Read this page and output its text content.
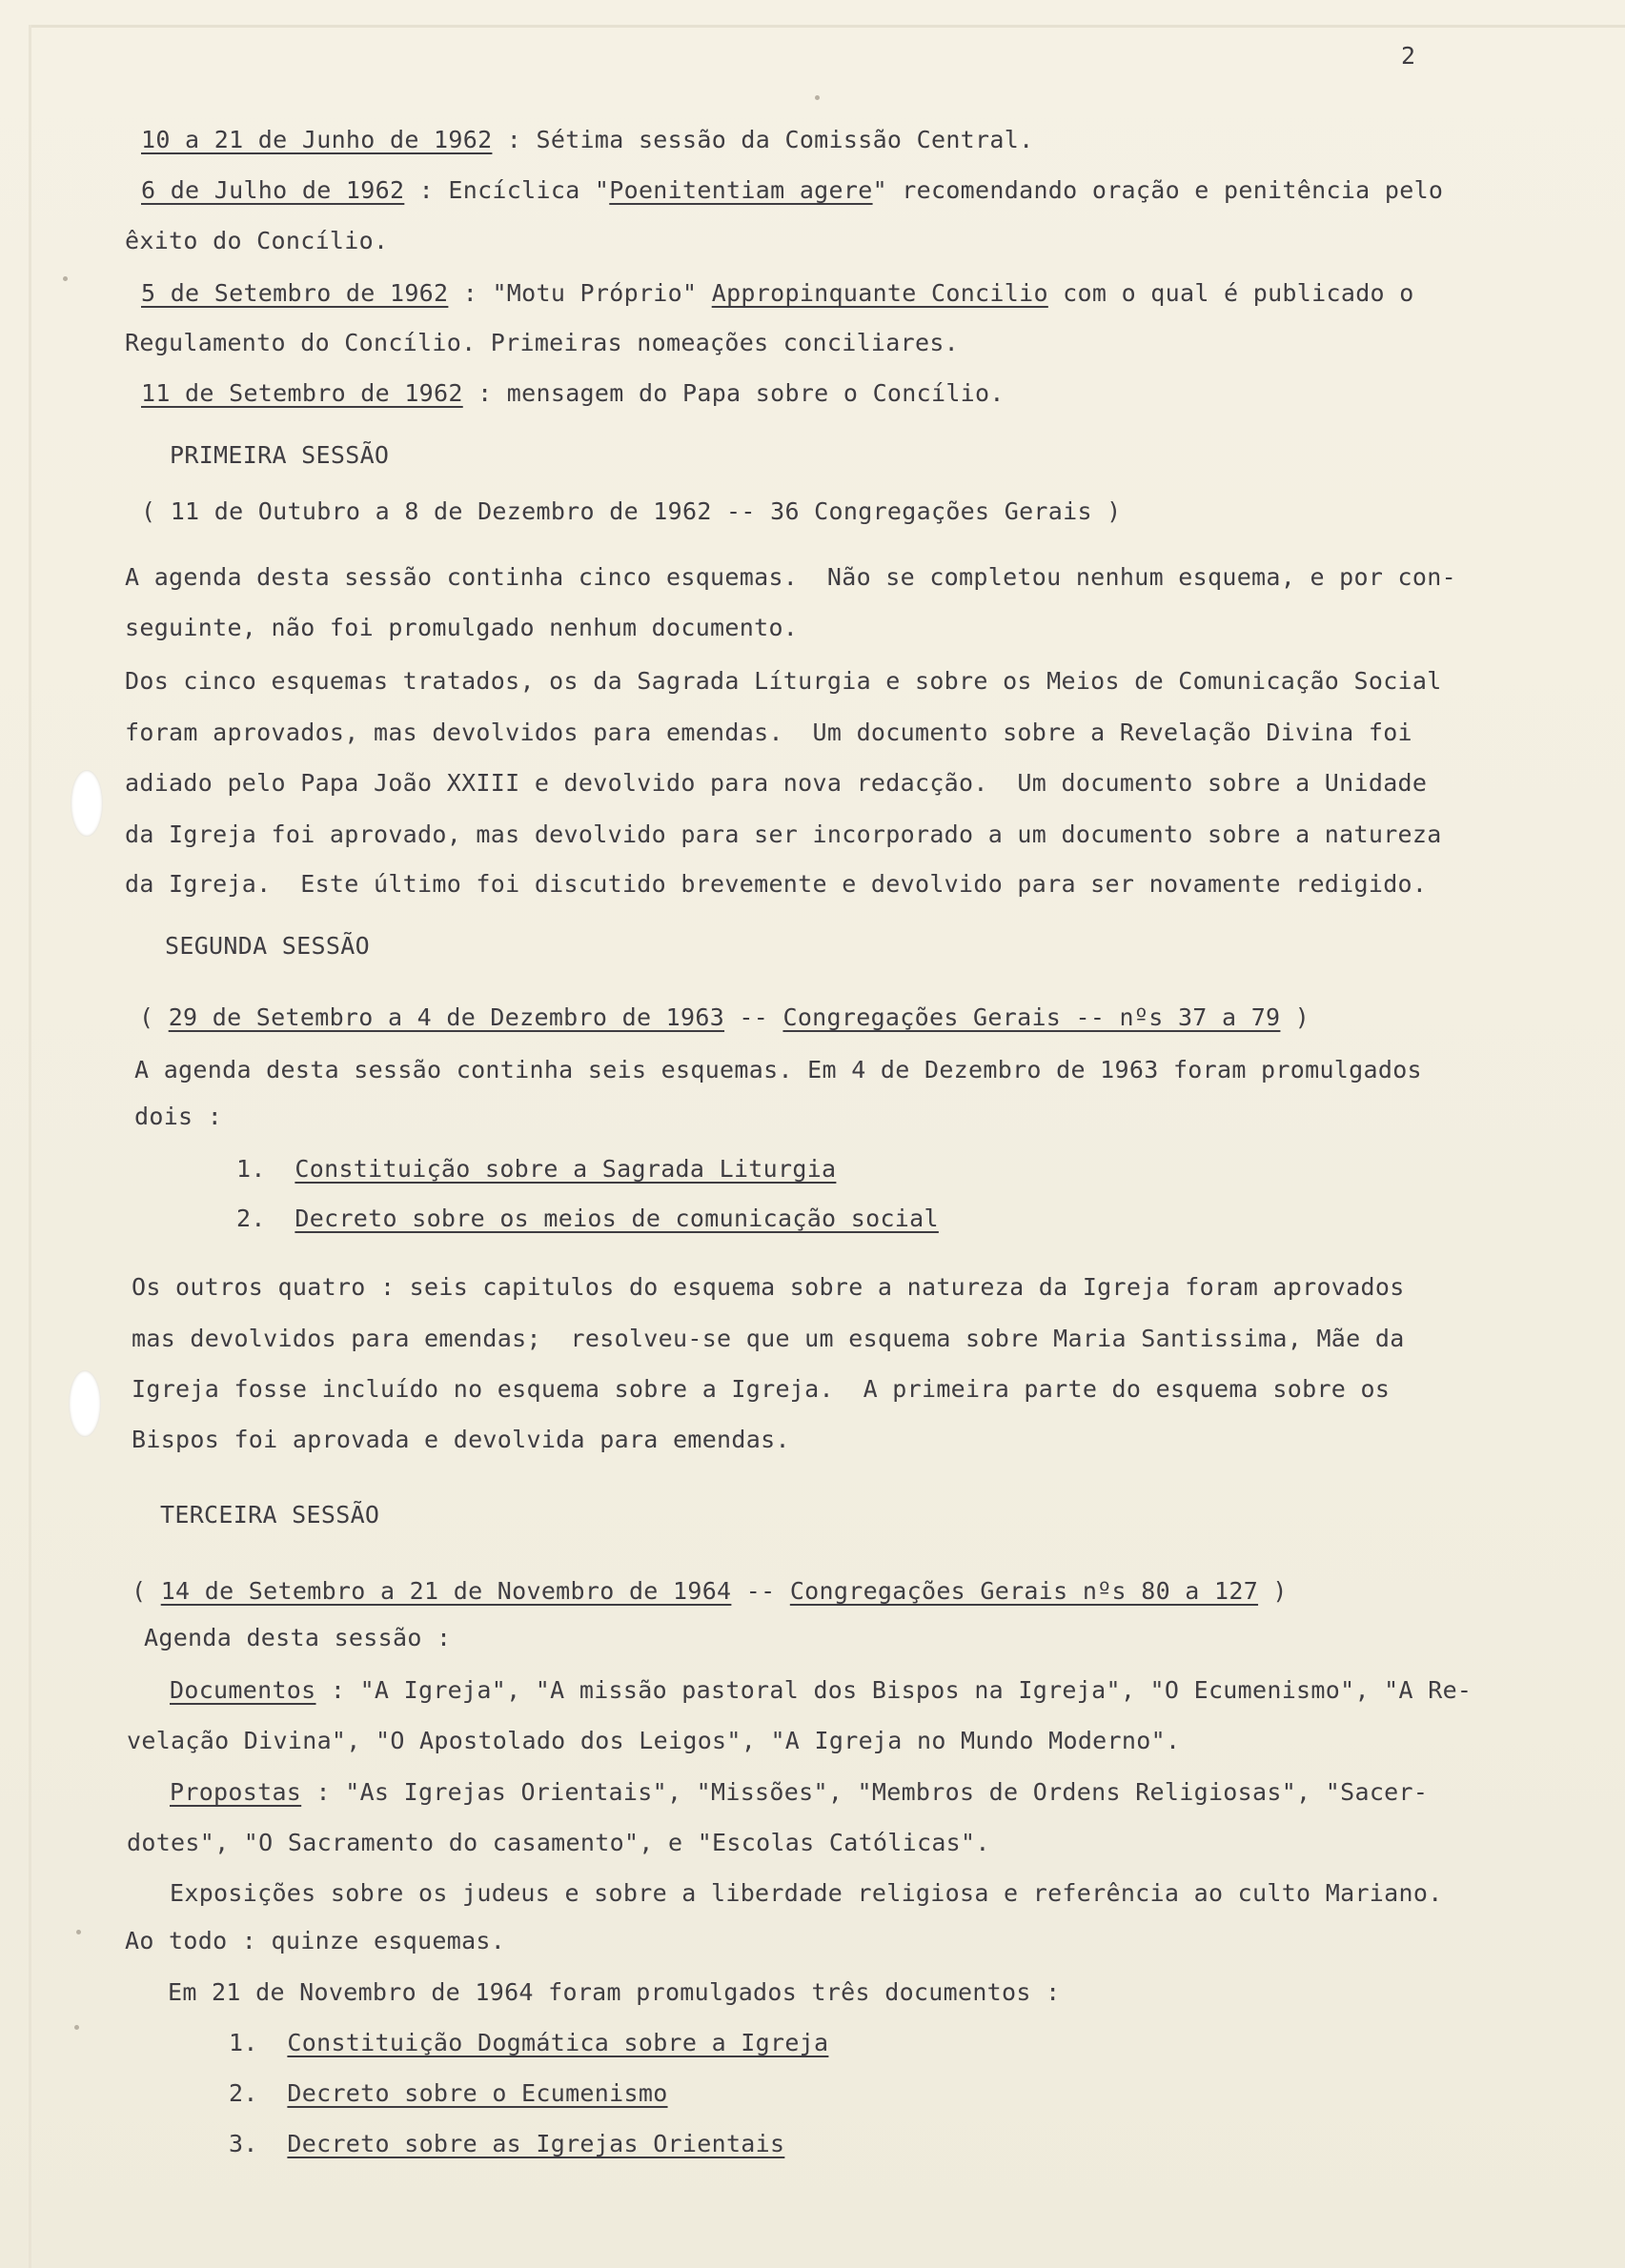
2
10 a 21 de Junho de 1962 : Sétima sessão da Comissão Central.
6 de Julho de 1962 : Encíclica "Poenitentiam agere" recomendando oração e penitência pelo
êxito do Concílio.
5 de Setembro de 1962 : "Motu Próprio" Appropinquante Concilio com o qual é publicado o
Regulamento do Concílio. Primeiras nomeações conciliares.
11 de Setembro de 1962 : mensagem do Papa sobre o Concílio.
PRIMEIRA SESSÃO
( 11 de Outubro a 8 de Dezembro de 1962 -- 36 Congregações Gerais )
A agenda desta sessão continha cinco esquemas.  Não se completou nenhum esquema, e por con-
seguinte, não foi promulgado nenhum documento.
Dos cinco esquemas tratados, os da Sagrada Líturgia e sobre os Meios de Comunicação Social
foram aprovados, mas devolvidos para emendas.  Um documento sobre a Revelação Divina foi
adiado pelo Papa João XXIII e devolvido para nova redacção.  Um documento sobre a Unidade
da Igreja foi aprovado, mas devolvido para ser incorporado a um documento sobre a natureza
da Igreja.  Este último foi discutido brevemente e devolvido para ser novamente redigido.
SEGUNDA SESSÃO
( 29 de Setembro a 4 de Dezembro de 1963 -- Congregações Gerais -- nºs 37 a 79 )
A agenda desta sessão continha seis esquemas. Em 4 de Dezembro de 1963 foram promulgados
dois :
1. Constituição sobre a Sagrada Liturgia
2. Decreto sobre os meios de comunicação social
Os outros quatro : seis capitulos do esquema sobre a natureza da Igreja foram aprovados
mas devolvidos para emendas;  resolveu-se que um esquema sobre Maria Santissima, Mãe da
Igreja fosse incluído no esquema sobre a Igreja.  A primeira parte do esquema sobre os
Bispos foi aprovada e devolvida para emendas.
TERCEIRA SESSÃO
( 14 de Setembro a 21 de Novembro de 1964 -- Congregações Gerais nºs 80 a 127 )
Agenda desta sessão :
Documentos : "A Igreja", "A missão pastoral dos Bispos na Igreja", "O Ecumenismo", "A Re-
velação Divina", "O Apostolado dos Leigos", "A Igreja no Mundo Moderno".
Propostas : "As Igrejas Orientais", "Missões", "Membros de Ordens Religiosas", "Sacer-
dotes", "O Sacramento do casamento", e "Escolas Católicas".
Exposições sobre os judeus e sobre a liberdade religiosa e referência ao culto Mariano.
Ao todo : quinze esquemas.
Em 21 de Novembro de 1964 foram promulgados três documentos :
1. Constituição Dogmática sobre a Igreja
2. Decreto sobre o Ecumenismo
3. Decreto sobre as Igrejas Orientais
